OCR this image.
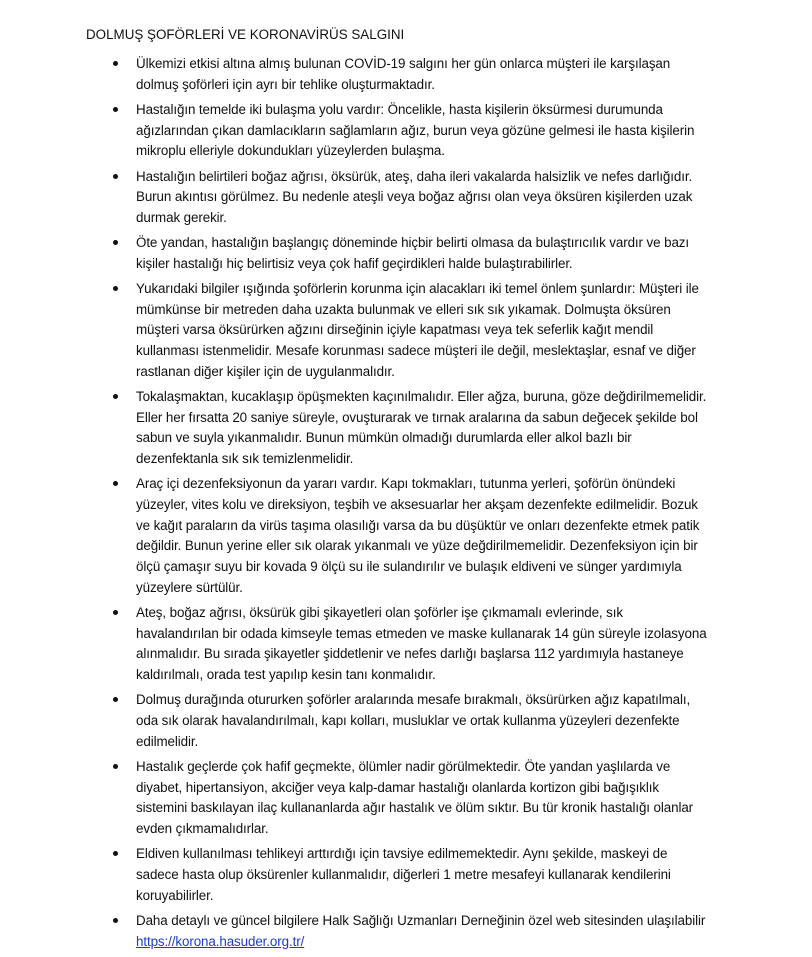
DOLMUŞ ŞOFÖRLERİ VE KORONAVİRÜS SALGINI
Ülkemizi etkisi altına almış bulunan COVİD-19 salgını her gün onlarca müşteri ile karşılaşan dolmuş şoförleri için ayrı bir tehlike oluşturmaktadır.
Hastalığın temelde iki bulaşma yolu vardır: Öncelikle, hasta kişilerin öksürmesi durumunda ağızlarından çıkan damlacıkların sağlamların ağız, burun veya gözüne gelmesi ile hasta kişilerin mikroplu elleriyle dokundukları yüzeylerden bulaşma.
Hastalığın belirtileri boğaz ağrısı, öksürük, ateş, daha ileri vakalarda halsizlik ve nefes darlığıdır. Burun akıntısı görülmez. Bu nedenle ateşli veya boğaz ağrısı olan veya öksüren kişilerden uzak durmak gerekir.
Öte yandan, hastalığın başlangıç döneminde hiçbir belirti olmasa da bulaştırıcılık vardır ve bazı kişiler hastalığı hiç belirtisiz veya çok hafif geçirdikleri halde bulaştırabilirler.
Yukarıdaki bilgiler ışığında şoförlerin korunma için alacakları iki temel önlem şunlardır: Müşteri ile mümkünse bir metreden daha uzakta bulunmak ve elleri sık sık yıkamak. Dolmuşta öksüren müşteri varsa öksürürken ağzını dirseğinin içiyle kapatması veya tek seferlik kağıt mendil kullanması istenmelidir. Mesafe korunması sadece müşteri ile değil, meslektaşlar, esnaf ve diğer rastlanan diğer kişiler için de uygulanmalıdır.
Tokalaşmaktan, kucaklaşıp öpüşmekten kaçınılmalıdır. Eller ağza, buruna, göze değdirilmemelidir. Eller her fırsatta 20 saniye süreyle, ovuşturarak ve tırnak aralarına da sabun değecek şekilde bol sabun ve suyla yıkanmalıdır. Bunun mümkün olmadığı durumlarda eller alkol bazlı bir dezenfektanla sık sık temizlenmelidir.
Araç içi dezenfeksiyonun da yararı vardır. Kapı tokmakları, tutunma yerleri, şoförün önündeki yüzeyler, vites kolu ve direksiyon, teşbih ve aksesuarlar her akşam dezenfekte edilmelidir. Bozuk ve kağıt paraların da virüs taşıma olasılığı varsa da bu düşüktür ve onları dezenfekte etmek patik değildir. Bunun yerine eller sık olarak yıkanmalı ve yüze değdirilmemelidir. Dezenfeksiyon için bir ölçü çamaşır suyu bir kovada 9 ölçü su ile sulandırılır ve bulaşık eldiveni ve sünger yardımıyla yüzeylere sürtülür.
Ateş, boğaz ağrısı, öksürük gibi şikayetleri olan şoförler işe çıkmamalı evlerinde, sık havalandırılan bir odada kimseyle temas etmeden ve maske kullanarak 14 gün süreyle izolasyona alınmalıdır. Bu sırada şikayetler şiddetlenir ve nefes darlığı başlarsa 112 yardımıyla hastaneye kaldırılmalı, orada test yapılıp kesin tanı konmalıdır.
Dolmuş durağında otururken şoförler aralarında mesafe bırakmalı, öksürürken ağız kapatılmalı, oda sık olarak havalandırılmalı, kapı kolları, musluklar ve ortak kullanma yüzeyleri dezenfekte edilmelidir.
Hastalık geçlerde çok hafif geçmekte, ölümler nadir görülmektedir. Öte yandan yaşlılarda ve diyabet, hipertansiyon, akciğer veya kalp-damar hastalığı olanlarda kortizon gibi bağışıklık sistemini baskılayan ilaç kullananlarda ağır hastalık ve ölüm sıktır. Bu tür kronik hastalığı olanlar evden çıkmamalıdırlar.
Eldiven kullanılması tehlikeyi arttırdığı için tavsiye edilmemektedir. Aynı şekilde, maskeyi de sadece hasta olup öksürenler kullanmalıdır, diğerleri 1 metre mesafeyi kullanarak kendilerini koruyabilirler.
Daha detaylı ve güncel bilgilere Halk Sağlığı Uzmanları Derneğinin özel web sitesinden ulaşılabilir https://korona.hasuder.org.tr/
